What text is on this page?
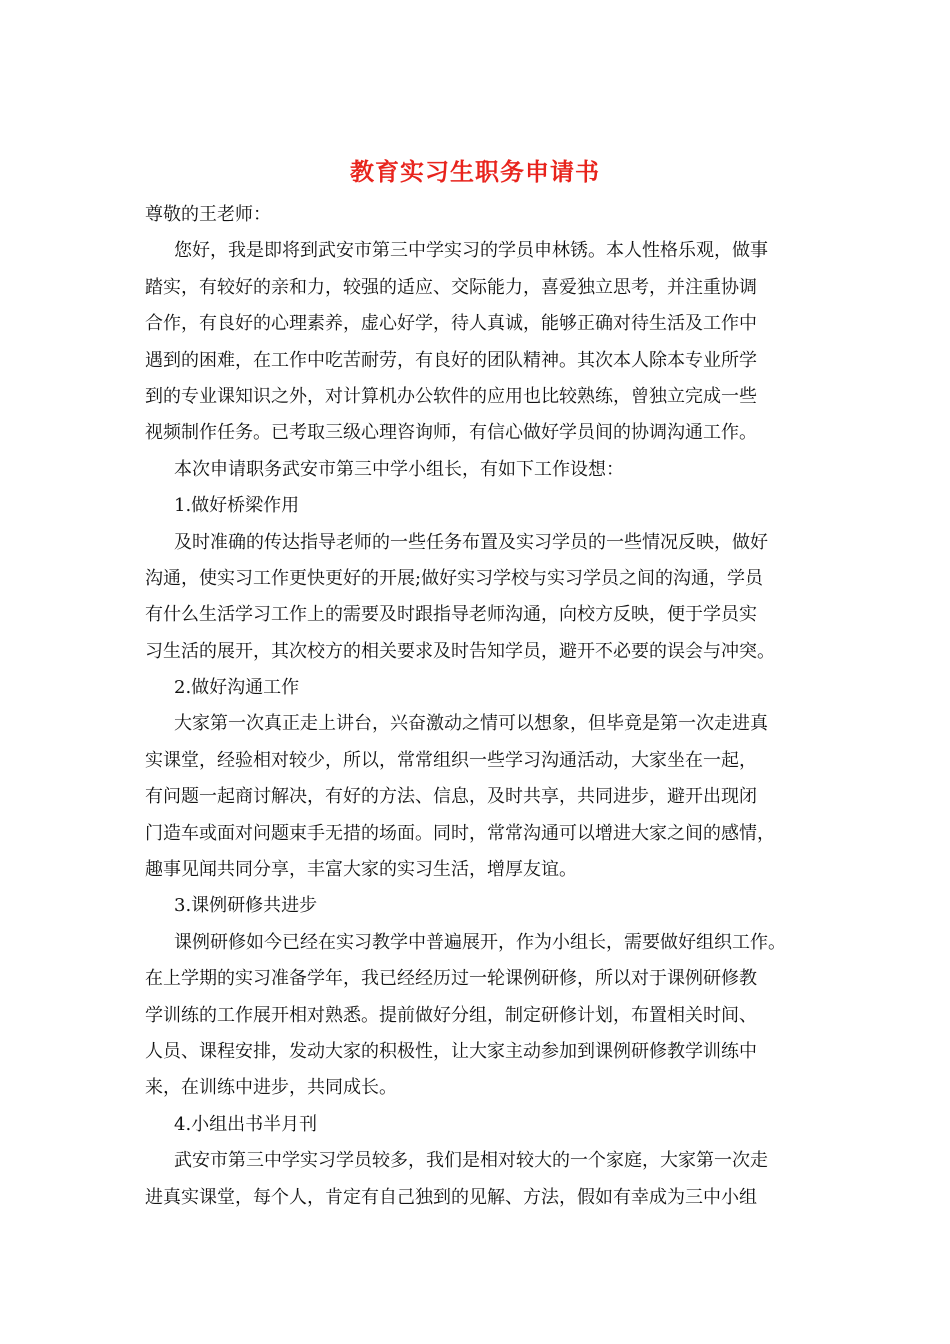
教育实习生职务申请书

尊敬的王老师：

您好，我是即将到武安市第三中学实习的学员申林锈。本人性格乐观，做事

踏实，有较好的亲和力，较强的适应、交际能力，喜爱独立思考，并注重协调

合作，有良好的心理素养，虚心好学，待人真诚，能够正确对待生活及工作中

遇到的困难，在工作中吃苦耐劳，有良好的团队精神。其次本人除本专业所学

到的专业课知识之外，对计算机办公软件的应用也比较熟练，曾独立完成一些

视频制作任务。已考取三级心理咨询师，有信心做好学员间的协调沟通工作。

本次申请职务武安市第三中学小组长，有如下工作设想：

1.做好桥梁作用

及时准确的传达指导老师的一些任务布置及实习学员的一些情况反映，做好

沟通，使实习工作更快更好的开展;做好实习学校与实习学员之间的沟通，学员

有什么生活学习工作上的需要及时跟指导老师沟通，向校方反映，便于学员实

习生活的展开，其次校方的相关要求及时告知学员，避开不必要的误会与冲突。

2.做好沟通工作

大家第一次真正走上讲台，兴奋激动之情可以想象，但毕竟是第一次走进真

实课堂，经验相对较少，所以，常常组织一些学习沟通活动，大家坐在一起，

有问题一起商讨解决，有好的方法、信息，及时共享，共同进步，避开出现闭

门造车或面对问题束手无措的场面。同时，常常沟通可以增进大家之间的感情，

趣事见闻共同分享，丰富大家的实习生活，增厚友谊。

3.课例研修共进步

课例研修如今已经在实习教学中普遍展开，作为小组长，需要做好组织工作。

在上学期的实习准备学年，我已经经历过一轮课例研修，所以对于课例研修教

学训练的工作展开相对熟悉。提前做好分组，制定研修计划，布置相关时间、

人员、课程安排，发动大家的积极性，让大家主动参加到课例研修教学训练中

来，在训练中进步，共同成长。

4.小组出书半月刊

武安市第三中学实习学员较多，我们是相对较大的一个家庭，大家第一次走

进真实课堂，每个人，肯定有自己独到的见解、方法，假如有幸成为三中小组
